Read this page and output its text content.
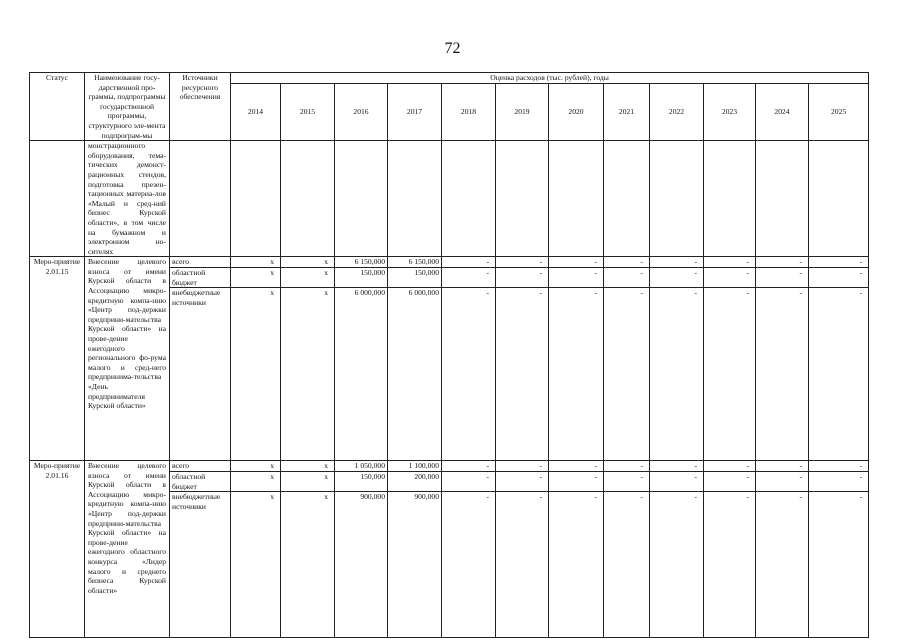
72
Статус	Наименование госу-дарственной про-граммы, подпрограммы государственной программы, структурного эле-мента подпрограм-мы	Источники ресурсного обеспечения	Оценка расходов (тыс. рублей), годы											
			2014	2015	2016	2017	2018	2019	2020	2021	2022	2023	2024	2025
	монстрационного оборудования, тема-тических демонст-рационных стендов, подготовка презен-тационных материа-лов «Малый и сред-ний бизнес Курской области», в том числе на бумажном и электронном но-сителях													
Меро-приятие 2.01.15	Внесение целевого взноса от имени Курской области в Ассоциацию микро-кредитную компа-нию «Центр под-держки предприни-мательства Курской области» на прове-дение ежегодного регионального фо-рума малого и сред-него предпринима-тельства «День предпринимателя Курской области»	всего	x	x	6 150,000	6 150,000	-	-	-	-	-	-	-	-
		областной бюджет	x	x	150,000	150,000	-	-	-	-	-	-	-	-
		внебюджетные источники	x	x	6 000,000	6 000,000	-	-	-	-	-	-	-	-
Меро-приятие 2.01.16	Внесение целевого взноса от имени Курской области в Ассоциацию микро-кредитную компа-нию «Центр под-держки предприни-мательства Курской области» на прове-дение ежегодного областного конкурса «Лидер малого и среднего бизнеса Курской области»	всего	x	x	1 050,000	1 100,000	-	-	-	-	-	-	-	-
		областной бюджет	x	x	150,000	200,000	-	-	-	-	-	-	-	-
		внебюджетные источники	x	x	900,000	900,000	-	-	-	-	-	-	-	-
